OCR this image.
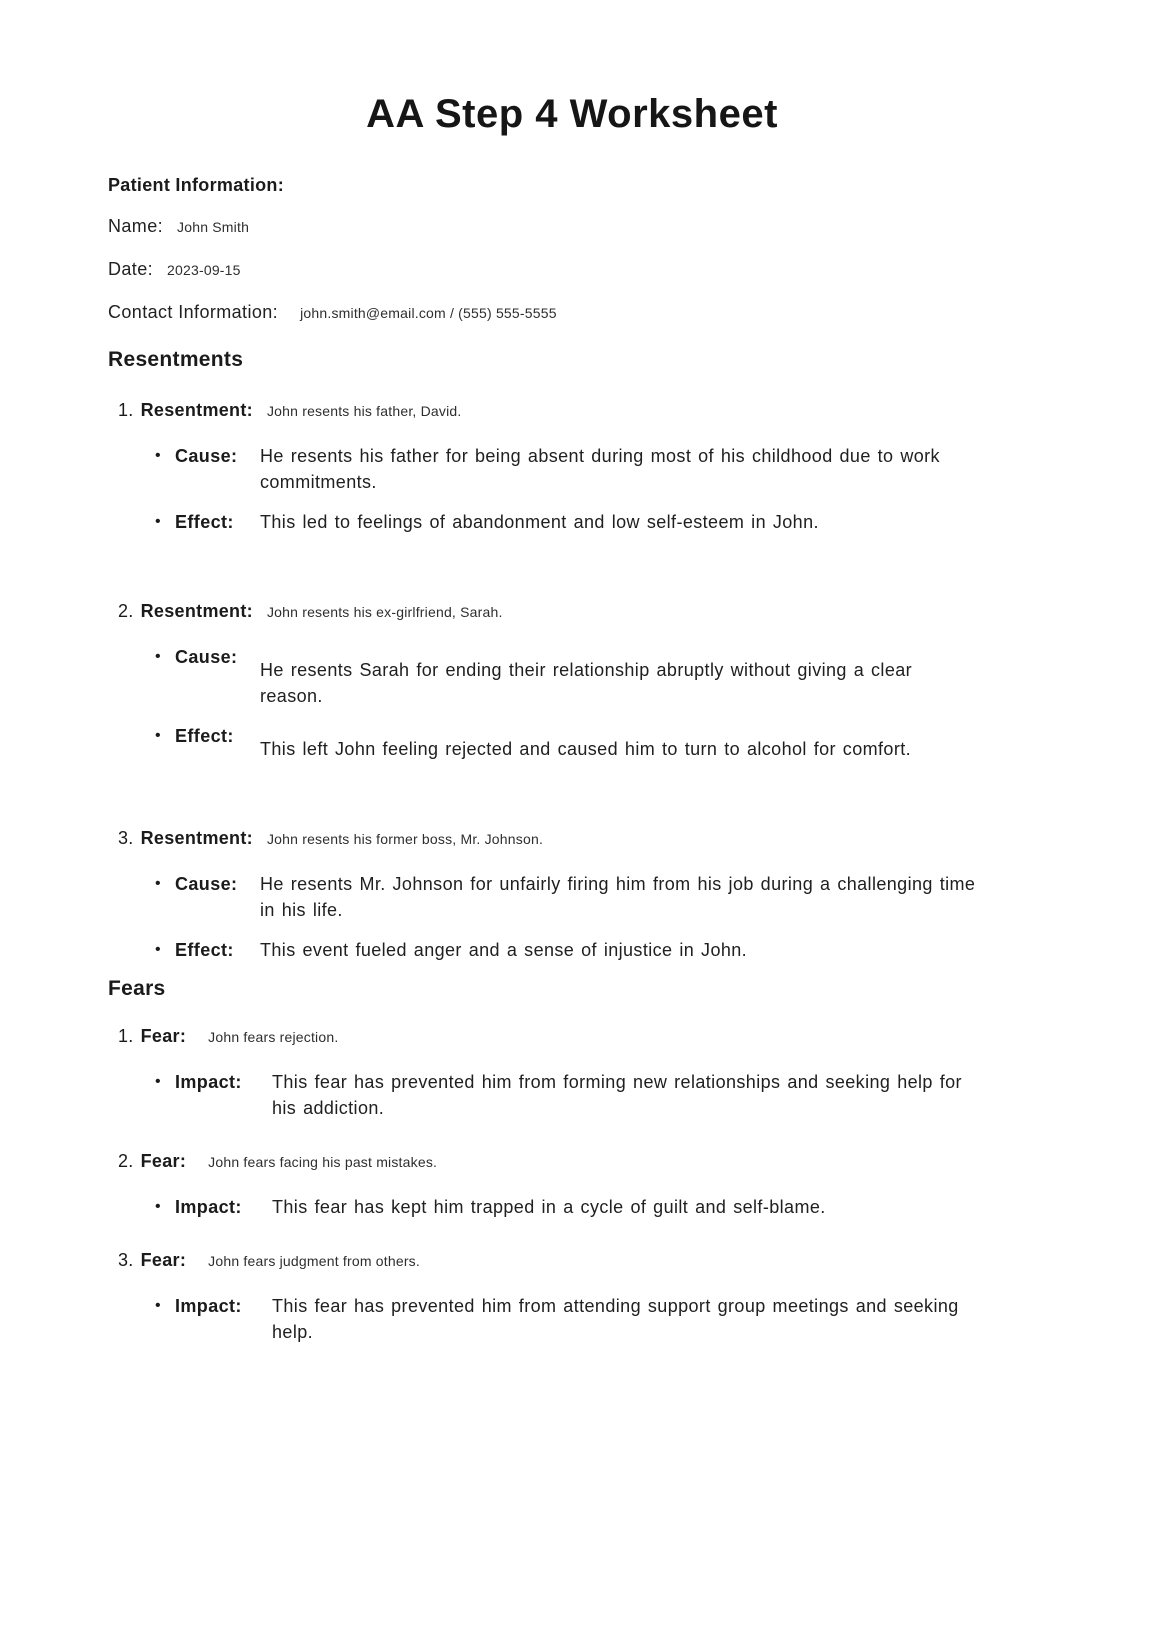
AA Step 4 Worksheet
Patient Information:
Name: John Smith
Date: 2023-09-15
Contact Information: john.smith@email.com / (555) 555-5555
Resentments
1. Resentment: John resents his father, David.
• Cause:	He resents his father for being absent during most of his childhood due to work commitments.
• Effect:	This led to feelings of abandonment and low self-esteem in John.
2. Resentment: John resents his ex-girlfriend, Sarah.
• Cause:
He resents Sarah for ending their relationship abruptly without giving a clear reason.
• Effect:
This left John feeling rejected and caused him to turn to alcohol for comfort.
3. Resentment: John resents his former boss, Mr. Johnson.
• Cause:	He resents Mr. Johnson for unfairly firing him from his job during a challenging time in his life.
• Effect:	This event fueled anger and a sense of injustice in John.
Fears
1. Fear: John fears rejection.
• Impact:	This fear has prevented him from forming new relationships and seeking help for his addiction.
2. Fear: John fears facing his past mistakes.
• Impact:	This fear has kept him trapped in a cycle of guilt and self-blame.
3. Fear: John fears judgment from others.
• Impact:	This fear has prevented him from attending support group meetings and seeking help.
